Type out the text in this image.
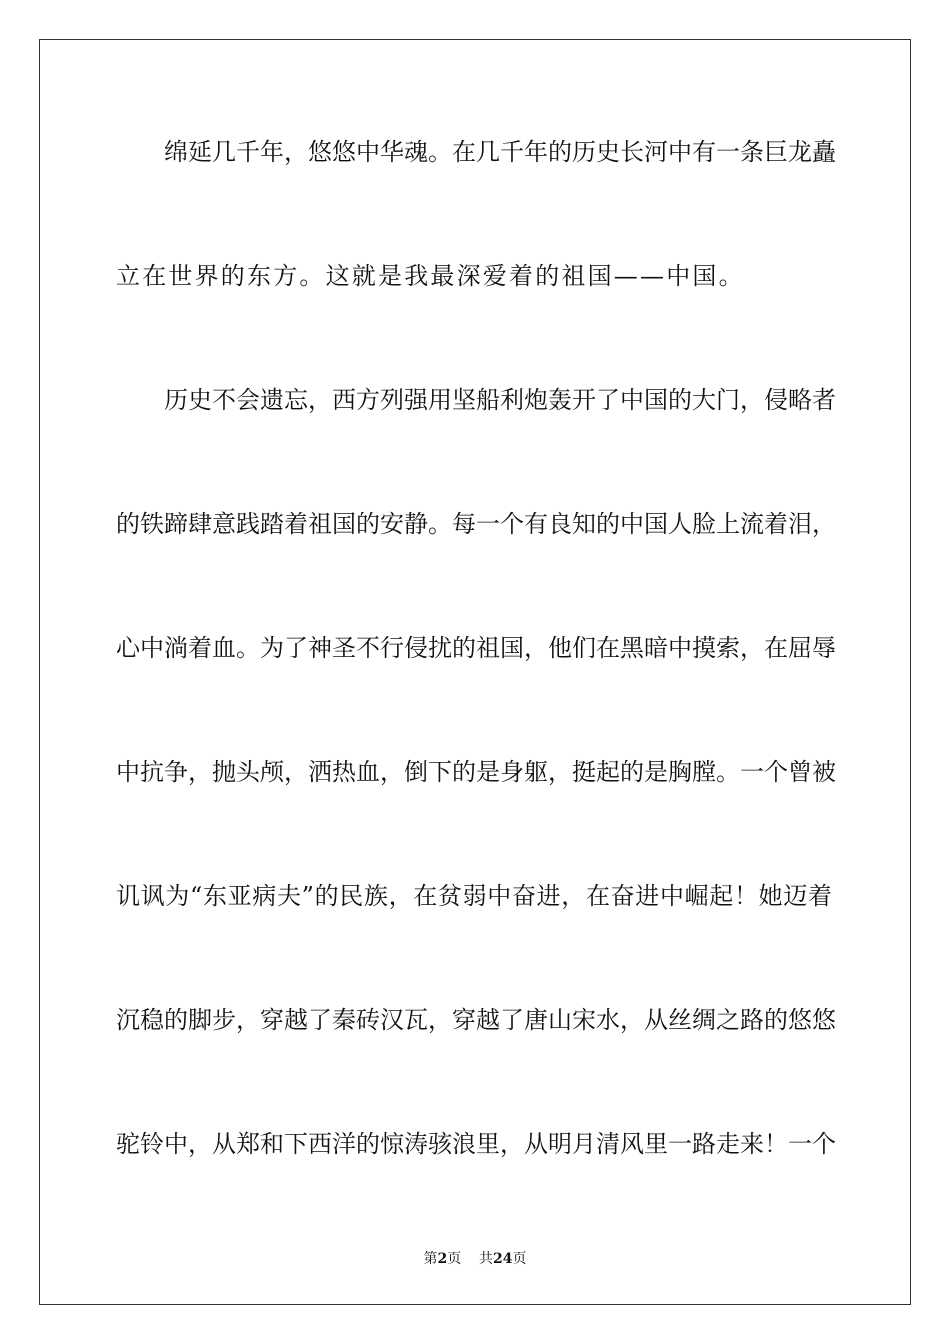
绵延几千年，悠悠中华魂。在几千年的历史长河中有一条巨龙矗
立在世界的东方。这就是我最深爱着的祖国——中国。
历史不会遗忘，西方列强用坚船利炮轰开了中国的大门，侵略者
的铁蹄肆意践踏着祖国的安静。每一个有良知的中国人脸上流着泪，
心中淌着血。为了神圣不行侵扰的祖国，他们在黑暗中摸索，在屈辱
中抗争，抛头颅，洒热血，倒下的是身躯，挺起的是胸膛。一个曾被
讥讽为“东亚病夫”的民族，在贫弱中奋进，在奋进中崛起！她迈着
沉稳的脚步，穿越了秦砖汉瓦，穿越了唐山宋水，从丝绸之路的悠悠
驼铃中，从郑和下西洋的惊涛骇浪里，从明月清风里一路走来！一个
第2页 共24页
